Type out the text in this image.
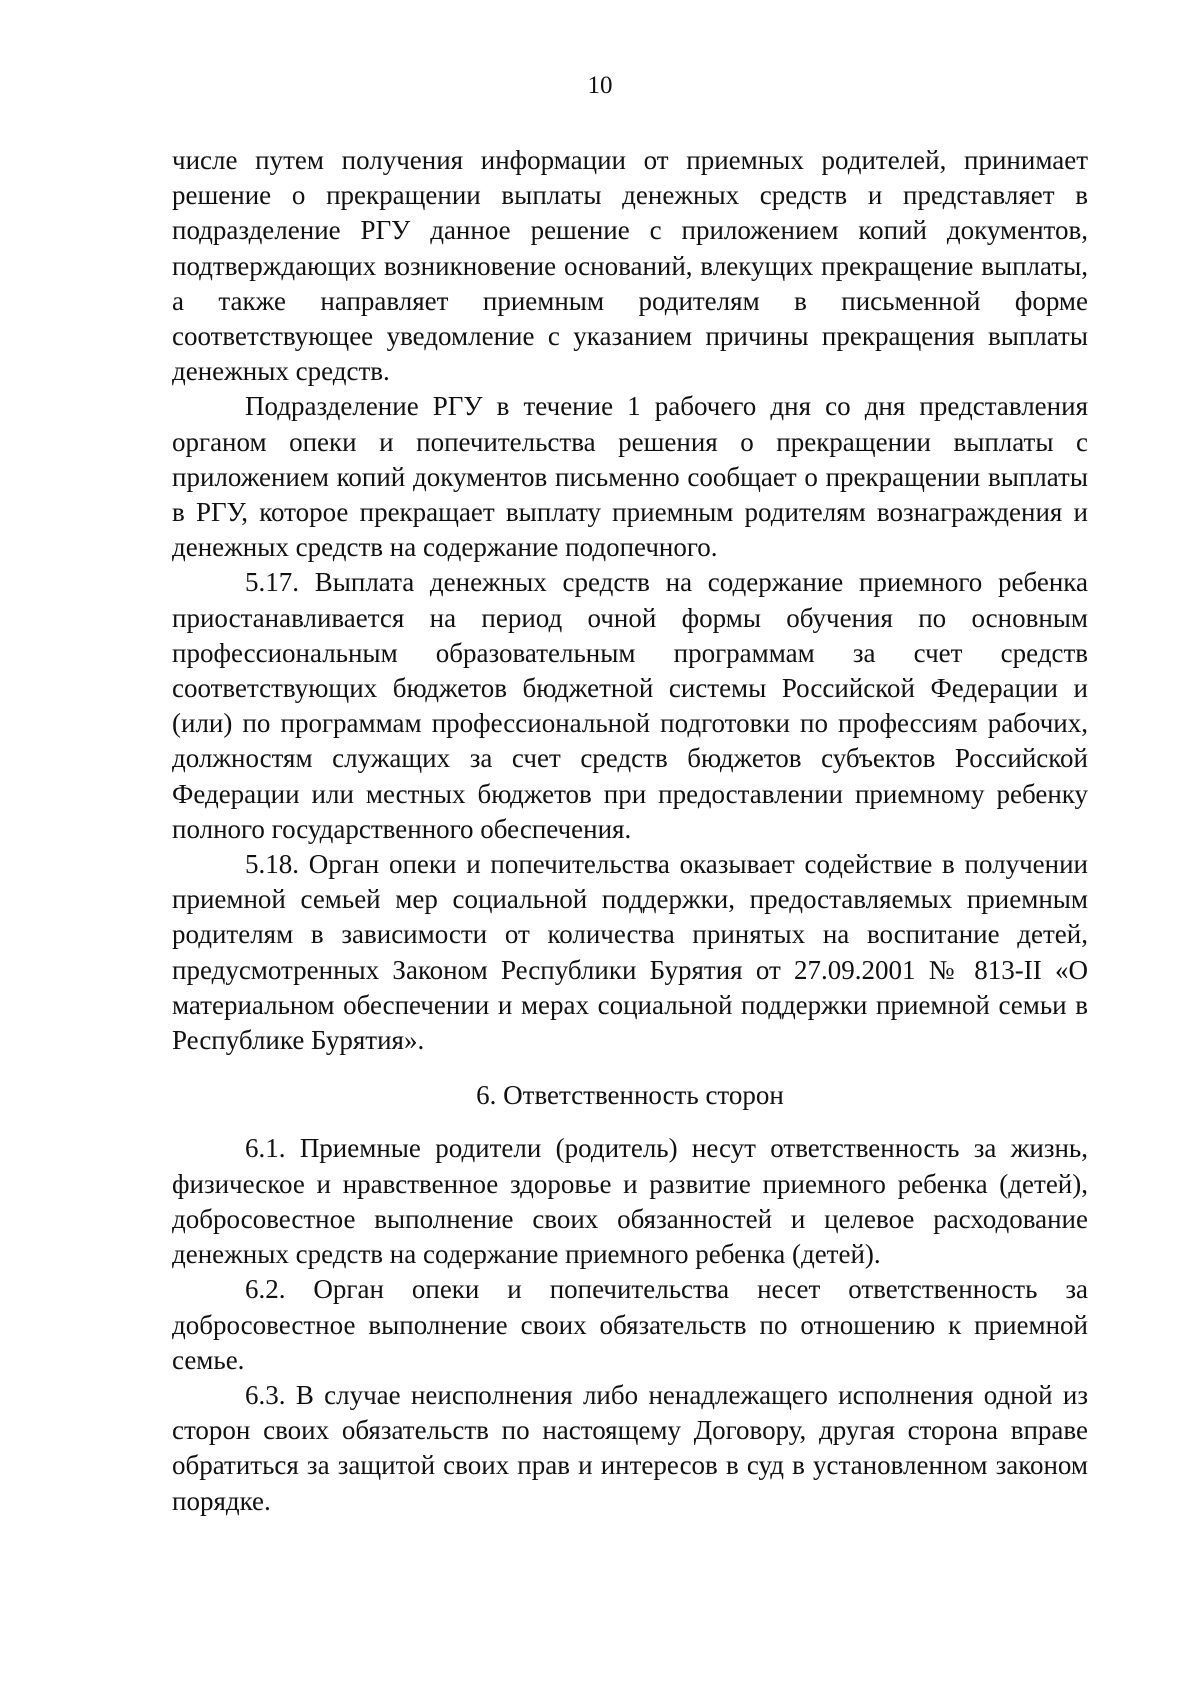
10

числе путем получения информации от приемных родителей, принимает решение о прекращении выплаты денежных средств и представляет в подразделение РГУ данное решение с приложением копий документов, подтверждающих возникновение оснований, влекущих прекращение выплаты, а также направляет приемным родителям в письменной форме соответствующее уведомление с указанием причины прекращения выплаты денежных средств.

Подразделение РГУ в течение 1 рабочего дня со дня представления органом опеки и попечительства решения о прекращении выплаты с приложением копий документов письменно сообщает о прекращении выплаты в РГУ, которое прекращает выплату приемным родителям вознаграждения и денежных средств на содержание подопечного.

5.17. Выплата денежных средств на содержание приемного ребенка приостанавливается на период очной формы обучения по основным профессиональным образовательным программам за счет средств соответствующих бюджетов бюджетной системы Российской Федерации и (или) по программам профессиональной подготовки по профессиям рабочих, должностям служащих за счет средств бюджетов субъектов Российской Федерации или местных бюджетов при предоставлении приемному ребенку полного государственного обеспечения.

5.18. Орган опеки и попечительства оказывает содействие в получении приемной семьей мер социальной поддержки, предоставляемых приемным родителям в зависимости от количества принятых на воспитание детей, предусмотренных Законом Республики Бурятия от 27.09.2001 № 813-II «О материальном обеспечении и мерах социальной поддержки приемной семьи в Республике Бурятия».

6. Ответственность сторон

6.1. Приемные родители (родитель) несут ответственность за жизнь, физическое и нравственное здоровье и развитие приемного ребенка (детей), добросовестное выполнение своих обязанностей и целевое расходование денежных средств на содержание приемного ребенка (детей).

6.2. Орган опеки и попечительства несет ответственность за добросовестное выполнение своих обязательств по отношению к приемной семье.

6.3. В случае неисполнения либо ненадлежащего исполнения одной из сторон своих обязательств по настоящему Договору, другая сторона вправе обратиться за защитой своих прав и интересов в суд в установленном законом порядке.
